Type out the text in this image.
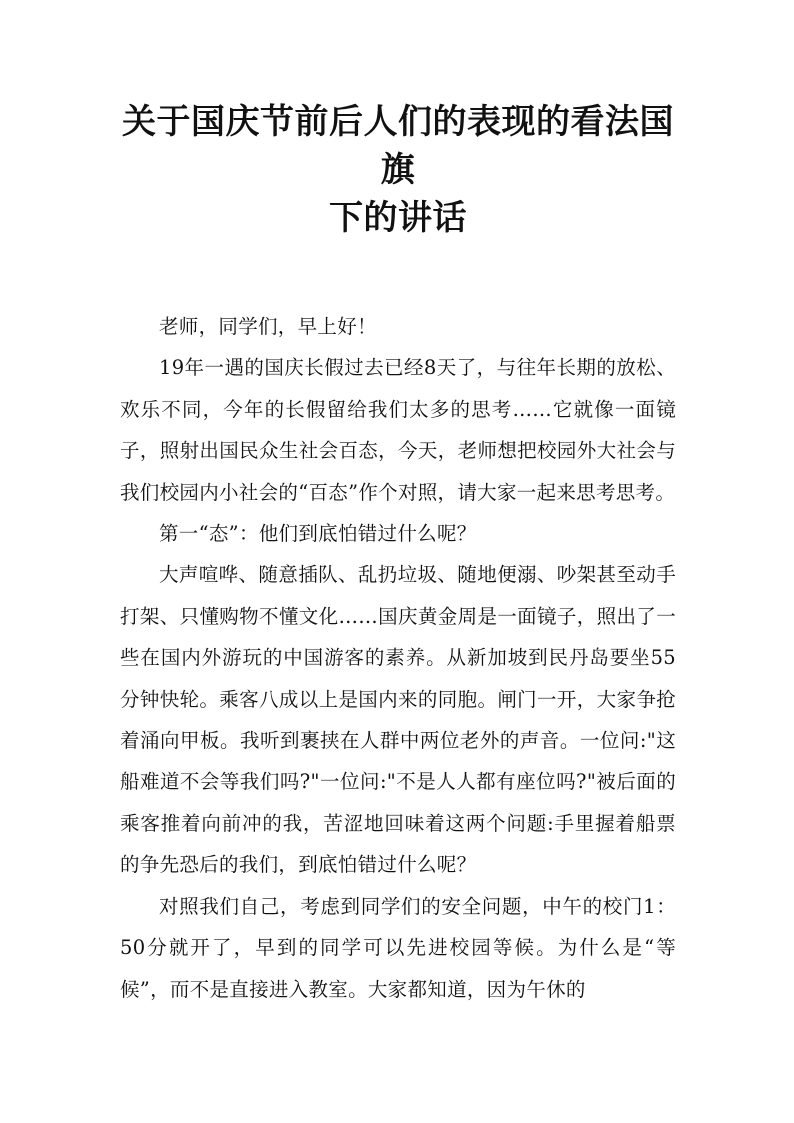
关于国庆节前后人们的表现的看法国旗
下的讲话

老师，同学们，早上好！

19年一遇的国庆长假过去已经8天了，与往年长期的放松、欢乐不同，今年的长假留给我们太多的思考……它就像一面镜子，照射出国民众生社会百态，今天，老师想把校园外大社会与我们校园内小社会的“百态”作个对照，请大家一起来思考思考。

第一“态”：他们到底怕错过什么呢？

大声喧哗、随意插队、乱扔垃圾、随地便溺、吵架甚至动手打架、只懂购物不懂文化……国庆黄金周是一面镜子，照出了一些在国内外游玩的中国游客的素养。从新加坡到民丹岛要坐55分钟快轮。乘客八成以上是国内来的同胞。闸门一开，大家争抢着涌向甲板。我听到裹挟在人群中两位老外的声音。一位问:"这船难道不会等我们吗?"一位问:"不是人人都有座位吗?"被后面的乘客推着向前冲的我，苦涩地回味着这两个问题:手里握着船票的争先恐后的我们，到底怕错过什么呢？

对照我们自己，考虑到同学们的安全问题，中午的校门1：50分就开了，早到的同学可以先进校园等候。为什么是“等候”，而不是直接进入教室。大家都知道，因为午休的
